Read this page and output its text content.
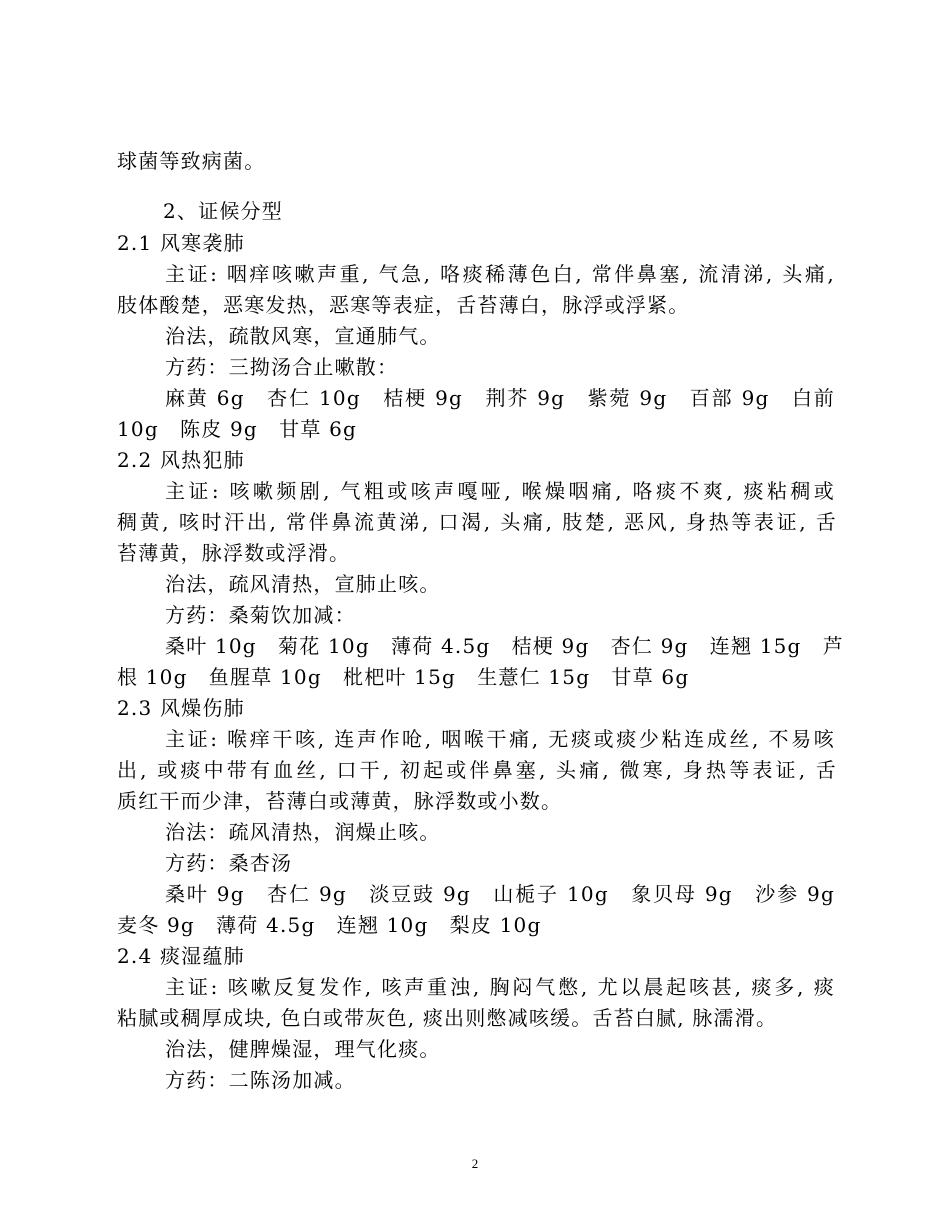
球菌等致病菌。
2、证候分型
2.1 风寒袭肺
主证: 咽痒咳嗽声重, 气急, 咯痰稀薄色白, 常伴鼻塞, 流清涕, 头痛,
肢体酸楚，恶寒发热，恶寒等表症，舌苔薄白，脉浮或浮紧。
治法，疏散风寒，宣通肺气。
方药：三拗汤合止嗽散：
麻黄 6g　杏仁 10g　桔梗 9g　荆芥 9g　紫菀 9g　百部 9g　白前
10g　陈皮 9g　甘草 6g
2.2 风热犯肺
主证: 咳嗽频剧, 气粗或咳声嘎哑, 喉燥咽痛, 咯痰不爽, 痰粘稠或
稠黄, 咳时汗出, 常伴鼻流黄涕, 口渴, 头痛, 肢楚, 恶风, 身热等表证, 舌
苔薄黄，脉浮数或浮滑。
治法，疏风清热，宣肺止咳。
方药：桑菊饮加减：
桑叶 10g　菊花 10g　薄荷 4.5g　桔梗 9g　杏仁 9g　连翘 15g　芦
根 10g　鱼腥草 10g　枇杷叶 15g　生薏仁 15g　甘草 6g
2.3 风燥伤肺
主证: 喉痒干咳, 连声作呛, 咽喉干痛, 无痰或痰少粘连成丝, 不易咳
出, 或痰中带有血丝, 口干, 初起或伴鼻塞, 头痛, 微寒, 身热等表证, 舌
质红干而少津，苔薄白或薄黄，脉浮数或小数。
治法：疏风清热，润燥止咳。
方药：桑杏汤
桑叶 9g　杏仁 9g　淡豆豉 9g　山栀子 10g　象贝母 9g　沙参 9g
麦冬 9g　薄荷 4.5g　连翘 10g　梨皮 10g
2.4 痰湿蕴肺
主证: 咳嗽反复发作, 咳声重浊, 胸闷气憋, 尤以晨起咳甚, 痰多, 痰
粘腻或稠厚成块, 色白或带灰色, 痰出则憋减咳缓。舌苔白腻, 脉濡滑。
治法，健脾燥湿，理气化痰。
方药：二陈汤加减。
2
